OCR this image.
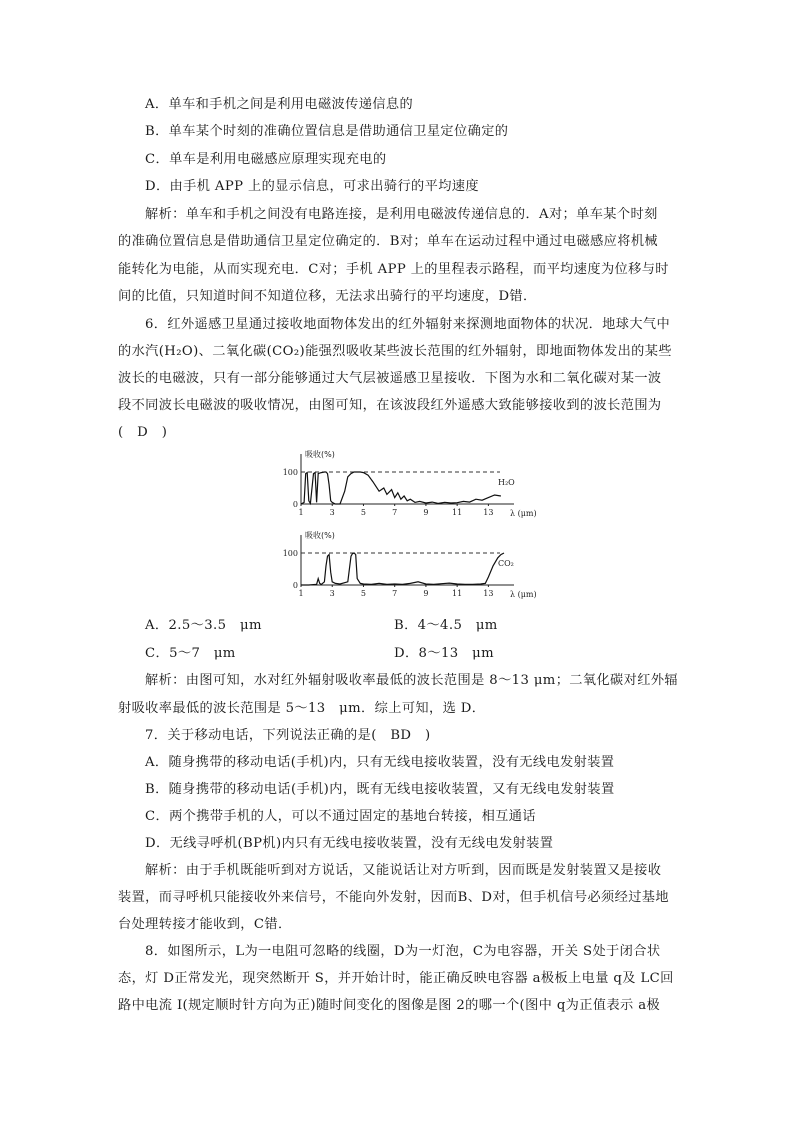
A．单车和手机之间是利用电磁波传递信息的
B．单车某个时刻的准确位置信息是借助通信卫星定位确定的
C．单车是利用电磁感应原理实现充电的
D．由手机 APP 上的显示信息，可求出骑行的平均速度
解析：单车和手机之间没有电路连接，是利用电磁波传递信息的．A对；单车某个时刻
的准确位置信息是借助通信卫星定位确定的．B对；单车在运动过程中通过电磁感应将机械
能转化为电能，从而实现充电．C对；手机 APP 上的里程表示路程，而平均速度为位移与时
间的比值，只知道时间不知道位移，无法求出骑行的平均速度，D错．
6．红外遥感卫星通过接收地面物体发出的红外辐射来探测地面物体的状况．地球大气中
的水汽(H₂O)、二氧化碳(CO₂)能强烈吸收某些波长范围的红外辐射，即地面物体发出的某些
波长的电磁波，只有一部分能够通过大气层被遥感卫星接收．下图为水和二氧化碳对某一波
段不同波长电磁波的吸收情况，由图可知，在该波段红外遥感大致能够接收到的波长范围为
(　D　)
吸收(%)
100
0
1	3	5	7	9	11	13 λ (μm)
H₂O
吸收(%)
100
0
1	3	5	7	9	11	13 λ (μm)
CO₂
A．2.5～3.5　μm	B．4～4.5　μm
C．5～7　μm	D．8～13　μm
解析：由图可知，水对红外辐射吸收率最低的波长范围是 8～13 μm；二氧化碳对红外辐
射吸收率最低的波长范围是 5～13　μm．综上可知，选 D．
7．关于移动电话，下列说法正确的是(　BD　)
A．随身携带的移动电话(手机)内，只有无线电接收装置，没有无线电发射装置
B．随身携带的移动电话(手机)内，既有无线电接收装置，又有无线电发射装置
C．两个携带手机的人，可以不通过固定的基地台转接，相互通话
D．无线寻呼机(BP机)内只有无线电接收装置，没有无线电发射装置
解析：由于手机既能听到对方说话，又能说话让对方听到，因而既是发射装置又是接收
装置，而寻呼机只能接收外来信号，不能向外发射，因而B、D对，但手机信号必须经过基地
台处理转接才能收到，C错．
8．如图所示，L为一电阻可忽略的线圈，D为一灯泡，C为电容器，开关 S处于闭合状
态，灯 D正常发光，现突然断开 S，并开始计时，能正确反映电容器 a极板上电量 q及 LC回
路中电流 I(规定顺时针方向为正)随时间变化的图像是图 2的哪一个(图中 q为正值表示 a极
